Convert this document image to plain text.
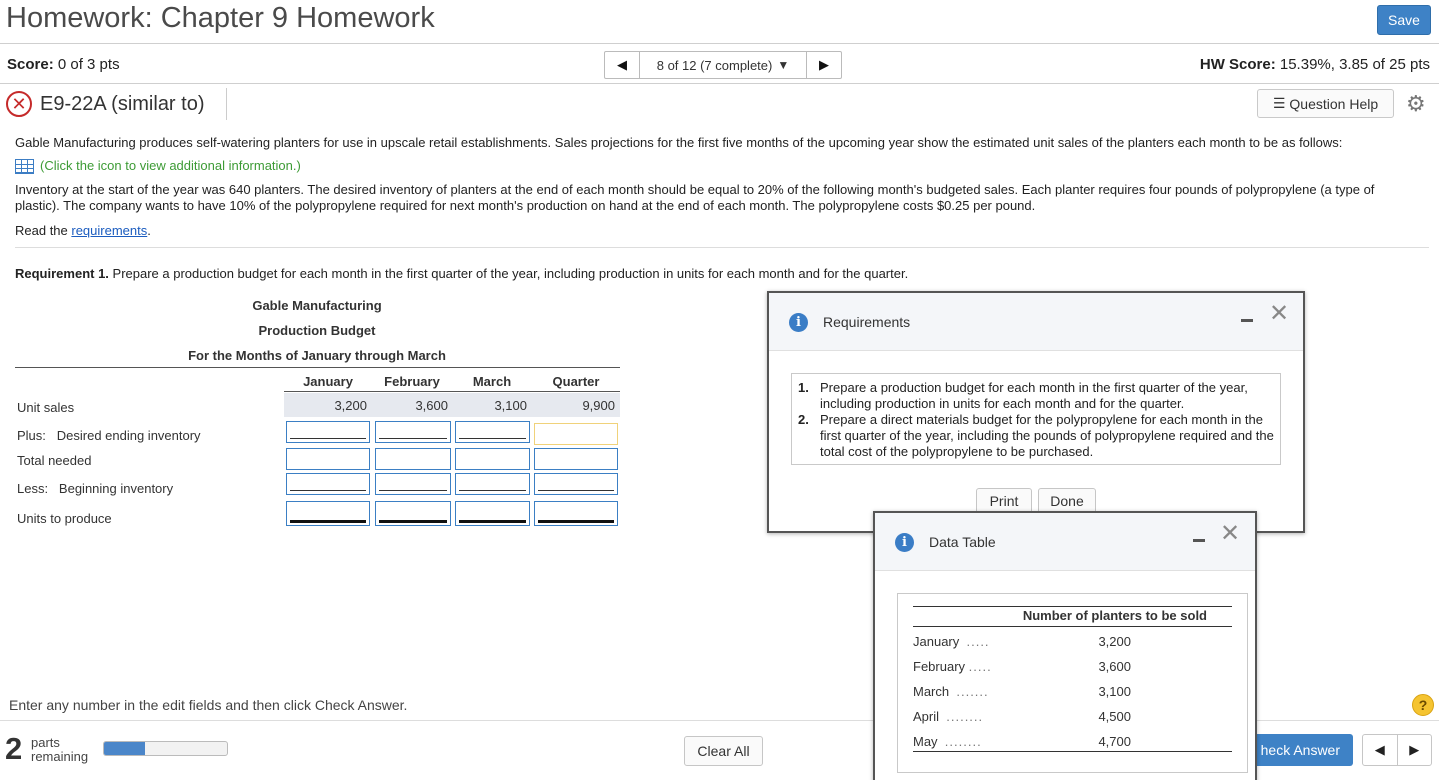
Homework: Chapter 9 Homework	Save
Score: 0 of 3 pts	◀	8 of 12 (7 complete) ▼	▶	HW Score: 15.39%, 3.85 of 25 pts
✕ E9-22A (similar to)	☰ Question Help ⚙
Gable Manufacturing produces self-watering planters for use in upscale retail establishments. Sales projections for the first five months of the upcoming year show the estimated unit sales of the planters each month to be as follows:
(Click the icon to view additional information.)
Inventory at the start of the year was 640 planters. The desired inventory of planters at the end of each month should be equal to 20% of the following month's budgeted sales. Each planter requires four pounds of polypropylene (a type of plastic). The company wants to have 10% of the polypropylene required for next month's production on hand at the end of each month. The polypropylene costs $0.25 per pound.
Read the requirements.
Requirement 1. Prepare a production budget for each month in the first quarter of the year, including production in units for each month and for the quarter.
Gable Manufacturing
Production Budget
For the Months of January through March
January	February	March	Quarter
Unit sales	3,200	3,600	3,100	9,900
Plus: Desired ending inventory
Total needed
Less: Beginning inventory
Units to produce
Enter any number in the edit fields and then click Check Answer.	?
2 parts
remaining	Clear All	heck Answer	◀	▶
i	Requirements	✕
1. Prepare a production budget for each month in the first quarter of the year, including production in units for each month and for the quarter.
2. Prepare a direct materials budget for the polypropylene for each month in the first quarter of the year, including the pounds of polypropylene required and the total cost of the polypropylene to be purchased.
Print	Done
i	Data Table	✕
Number of planters to be sold
January .....	3,200
February .....	3,600
March .......	3,100
April ........	4,500
May ........	4,700
